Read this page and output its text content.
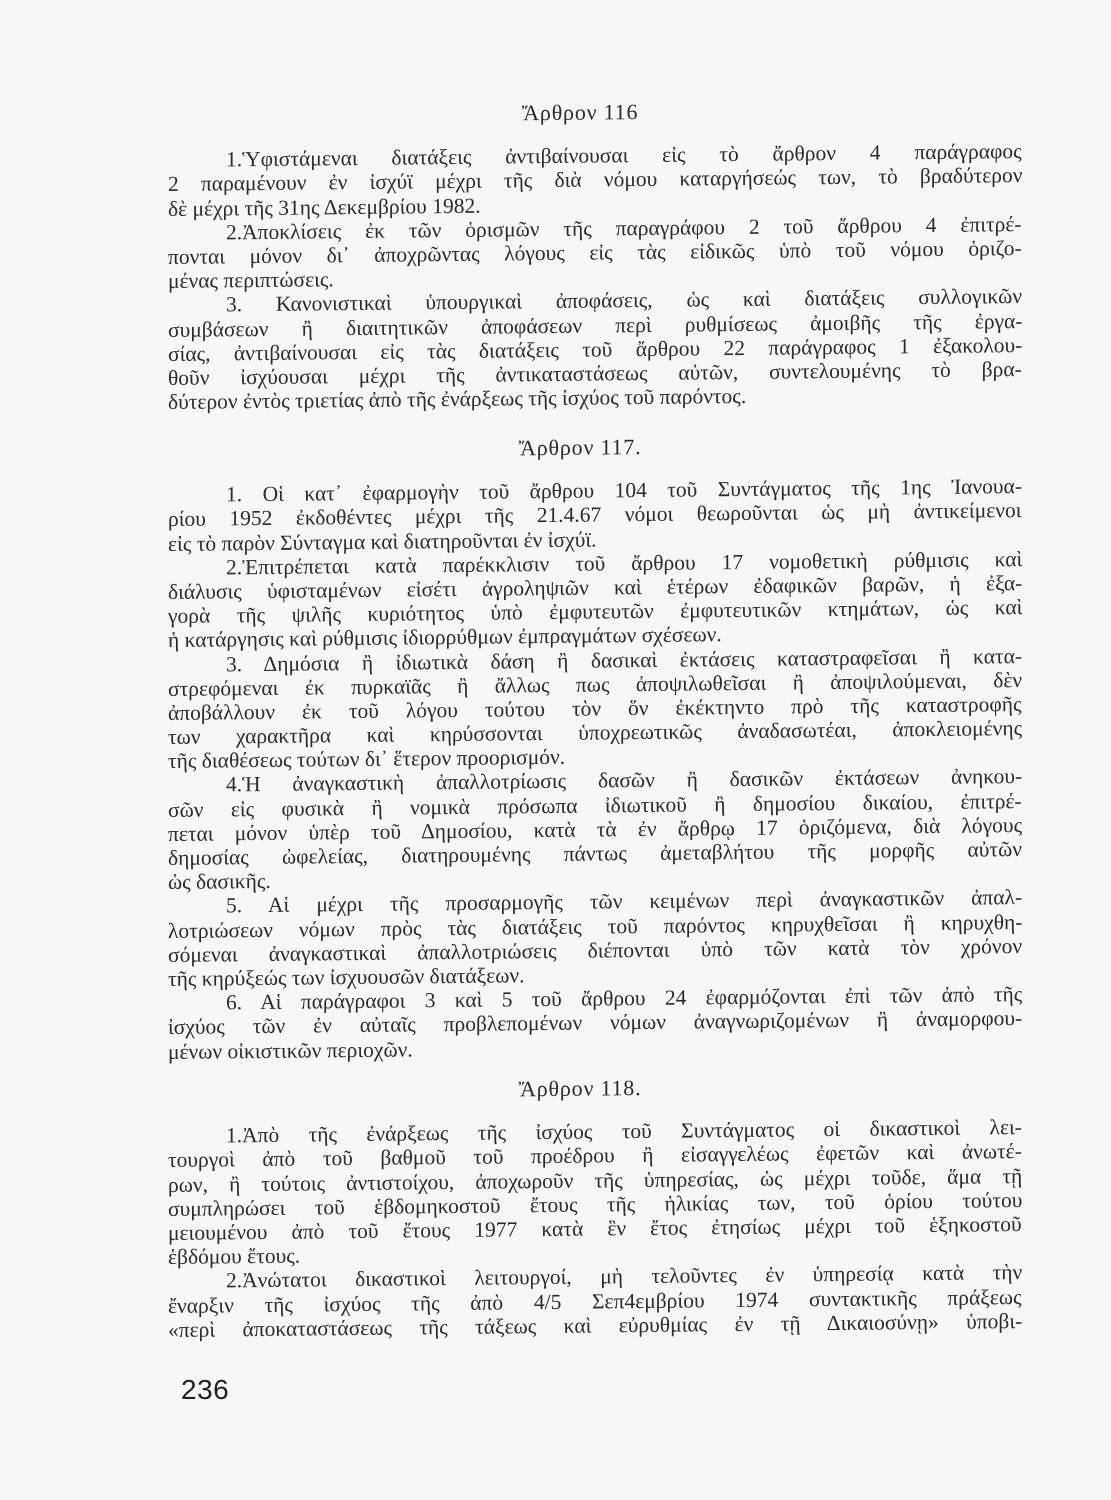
Ἄρθρον 116
1.Ὑφιστάμεναι διατάξεις ἀντιβαίνουσαι εἰς τὸ ἄρθρον 4 παράγραφος
2 παραμένουν ἐν ἰσχύϊ μέχρι τῆς διὰ νόμου καταργήσεώς των, τὸ βραδύτερον
δὲ μέχρι τῆς 31ης Δεκεμβρίου 1982.
2.Ἀποκλίσεις ἐκ τῶν ὁρισμῶν τῆς παραγράφου 2 τοῦ ἄρθρου 4 ἐπιτρέ-
πονται μόνον δι᾽ ἀποχρῶντας λόγους εἰς τὰς εἰδικῶς ὑπὸ τοῦ νόμου ὁριζο-
μένας περιπτώσεις.
3. Κανονιστικαὶ ὑπουργικαὶ ἀποφάσεις, ὡς καὶ διατάξεις συλλογικῶν
συμβάσεων ἢ διαιτητικῶν ἀποφάσεων περὶ ρυθμίσεως ἀμοιβῆς τῆς ἐργα-
σίας, ἀντιβαίνουσαι εἰς τὰς διατάξεις τοῦ ἄρθρου 22 παράγραφος 1 ἐξακολου-
θοῦν ἰσχύουσαι μέχρι τῆς ἀντικαταστάσεως αὐτῶν, συντελουμένης τὸ βρα-
δύτερον ἐντὸς τριετίας ἀπὸ τῆς ἐνάρξεως τῆς ἰσχύος τοῦ παρόντος.
Ἄρθρον 117.
1. Οἱ κατ᾽ ἐφαρμογὴν τοῦ ἄρθρου 104 τοῦ Συντάγματος τῆς 1ης Ἰανουα-
ρίου 1952 ἐκδοθέντες μέχρι τῆς 21.4.67 νόμοι θεωροῦνται ὡς μὴ ἀντικείμενοι
εἰς τὸ παρὸν Σύνταγμα καὶ διατηροῦνται ἐν ἰσχύϊ.
2.Ἐπιτρέπεται κατὰ παρέκκλισιν τοῦ ἄρθρου 17 νομοθετικὴ ρύθμισις καὶ
διάλυσις ὑφισταμένων εἰσέτι ἀγροληψιῶν καὶ ἑτέρων ἐδαφικῶν βαρῶν, ἡ ἐξα-
γορὰ τῆς ψιλῆς κυριότητος ὑπὸ ἐμφυτευτῶν ἐμφυτευτικῶν κτημάτων, ὡς καὶ
ἡ κατάργησις καὶ ρύθμισις ἰδιορρύθμων ἐμπραγμάτων σχέσεων.
3. Δημόσια ἢ ἰδιωτικὰ δάση ἢ δασικαὶ ἐκτάσεις καταστραφεῖσαι ἢ κατα-
στρεφόμεναι ἐκ πυρκαϊᾶς ἢ ἄλλως πως ἀποψιλωθεῖσαι ἢ ἀποψιλούμεναι, δὲν
ἀποβάλλουν ἐκ τοῦ λόγου τούτου τὸν ὅν ἐκέκτηντο πρὸ τῆς καταστροφῆς
των χαρακτῆρα καὶ κηρύσσονται ὑποχρεωτικῶς ἀναδασωτέαι, ἀποκλειομένης
τῆς διαθέσεως τούτων δι᾽ ἕτερον προορισμόν.
4.Ἡ ἀναγκαστικὴ ἀπαλλοτρίωσις δασῶν ἢ δασικῶν ἐκτάσεων ἀνηκου-
σῶν εἰς φυσικὰ ἢ νομικὰ πρόσωπα ἰδιωτικοῦ ἢ δημοσίου δικαίου, ἐπιτρέ-
πεται μόνον ὑπὲρ τοῦ Δημοσίου, κατὰ τὰ ἐν ἄρθρῳ 17 ὁριζόμενα, διὰ λόγους
δημοσίας ὠφελείας, διατηρουμένης πάντως ἀμεταβλήτου τῆς μορφῆς αὐτῶν
ὡς δασικῆς.
5. Αἱ μέχρι τῆς προσαρμογῆς τῶν κειμένων περὶ ἀναγκαστικῶν ἀπαλ-
λοτριώσεων νόμων πρὸς τὰς διατάξεις τοῦ παρόντος κηρυχθεῖσαι ἢ κηρυχθη-
σόμεναι ἀναγκαστικαὶ ἀπαλλοτριώσεις διέπονται ὑπὸ τῶν κατὰ τὸν χρόνον
τῆς κηρύξεώς των ἰσχυουσῶν διατάξεων.
6. Αἱ παράγραφοι 3 καὶ 5 τοῦ ἄρθρου 24 ἐφαρμόζονται ἐπὶ τῶν ἀπὸ τῆς
ἰσχύος τῶν ἐν αὐταῖς προβλεπομένων νόμων ἀναγνωριζομένων ἢ ἀναμορφου-
μένων οἰκιστικῶν περιοχῶν.
Ἄρθρον 118.
1.Ἀπὸ τῆς ἐνάρξεως τῆς ἰσχύος τοῦ Συντάγματος οἱ δικαστικοὶ λει-
τουργοὶ ἀπὸ τοῦ βαθμοῦ τοῦ προέδρου ἢ εἰσαγγελέως ἐφετῶν καὶ ἀνωτέ-
ρων, ἢ τούτοις ἀντιστοίχου, ἀποχωροῦν τῆς ὑπηρεσίας, ὡς μέχρι τοῦδε, ἅμα τῇ
συμπληρώσει τοῦ ἑβδομηκοστοῦ ἔτους τῆς ἡλικίας των, τοῦ ὁρίου τούτου
μειουμένου ἀπὸ τοῦ ἔτους 1977 κατὰ ἓν ἔτος ἐτησίως μέχρι τοῦ ἑξηκοστοῦ
ἑβδόμου ἔτους.
2.Ἀνώτατοι δικαστικοὶ λειτουργοί, μὴ τελοῦντες ἐν ὑπηρεσίᾳ κατὰ τὴν
ἔναρξιν τῆς ἰσχύος τῆς ἀπὸ 4/5 Σεπ4εμβρίου 1974 συντακτικῆς πράξεως
«περὶ ἀποκαταστάσεως τῆς τάξεως καὶ εὐρυθμίας ἐν τῇ Δικαιοσύνῃ» ὑποβι-
236
